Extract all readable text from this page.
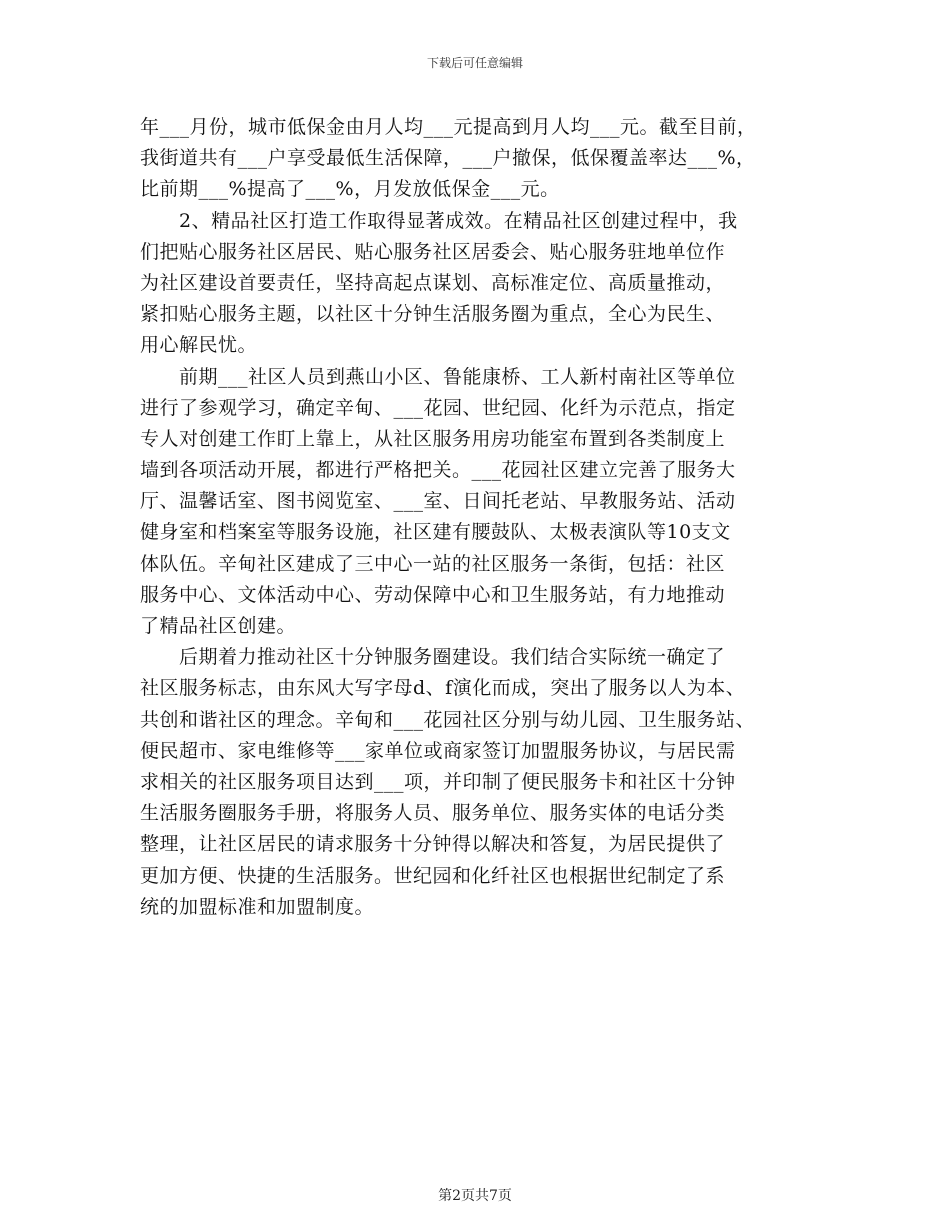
下载后可任意编辑
年___月份，城市低保金由月人均___元提高到月人均___元。截至目前，
我街道共有___户享受最低生活保障，___户撤保，低保覆盖率达___%，
比前期___%提高了___%，月发放低保金___元。
　　2、精品社区打造工作取得显著成效。在精品社区创建过程中，我
们把贴心服务社区居民、贴心服务社区居委会、贴心服务驻地单位作
为社区建设首要责任，坚持高起点谋划、高标准定位、高质量推动，
紧扣贴心服务主题，以社区十分钟生活服务圈为重点，全心为民生、
用心解民忧。
　　前期___社区人员到燕山小区、鲁能康桥、工人新村南社区等单位
进行了参观学习，确定辛甸、___花园、世纪园、化纤为示范点，指定
专人对创建工作盯上靠上，从社区服务用房功能室布置到各类制度上
墙到各项活动开展，都进行严格把关。___花园社区建立完善了服务大
厅、温馨话室、图书阅览室、___室、日间托老站、早教服务站、活动
健身室和档案室等服务设施，社区建有腰鼓队、太极表演队等10支文
体队伍。辛甸社区建成了三中心一站的社区服务一条街，包括：社区
服务中心、文体活动中心、劳动保障中心和卫生服务站，有力地推动
了精品社区创建。
　　后期着力推动社区十分钟服务圈建设。我们结合实际统一确定了
社区服务标志，由东风大写字母d、f演化而成，突出了服务以人为本、
共创和谐社区的理念。辛甸和___花园社区分别与幼儿园、卫生服务站、
便民超市、家电维修等___家单位或商家签订加盟服务协议，与居民需
求相关的社区服务项目达到___项，并印制了便民服务卡和社区十分钟
生活服务圈服务手册，将服务人员、服务单位、服务实体的电话分类
整理，让社区居民的请求服务十分钟得以解决和答复，为居民提供了
更加方便、快捷的生活服务。世纪园和化纤社区也根据世纪制定了系
统的加盟标准和加盟制度。
第2页共7页
